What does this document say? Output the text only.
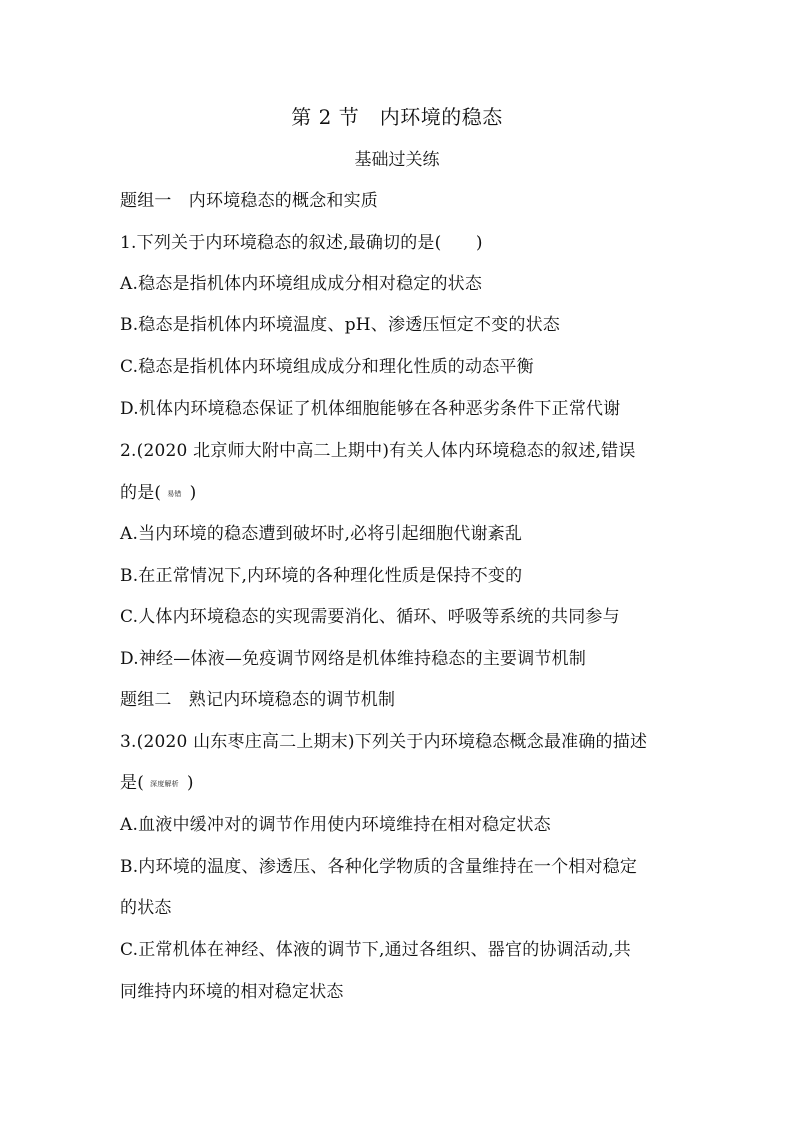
第 2 节　内环境的稳态
基础过关练
题组一　内环境稳态的概念和实质
1.下列关于内环境稳态的叙述,最确切的是(　　)
A.稳态是指机体内环境组成成分相对稳定的状态
B.稳态是指机体内环境温度、pH、渗透压恒定不变的状态
C.稳态是指机体内环境组成成分和理化性质的动态平衡
D.机体内环境稳态保证了机体细胞能够在各种恶劣条件下正常代谢
2.(2020 北京师大附中高二上期中)有关人体内环境稳态的叙述,错误
的是( 易错 )
A.当内环境的稳态遭到破坏时,必将引起细胞代谢紊乱
B.在正常情况下,内环境的各种理化性质是保持不变的
C.人体内环境稳态的实现需要消化、循环、呼吸等系统的共同参与
D.神经—体液—免疫调节网络是机体维持稳态的主要调节机制
题组二　熟记内环境稳态的调节机制
3.(2020 山东枣庄高二上期末)下列关于内环境稳态概念最准确的描述
是( 深度解析 )
A.血液中缓冲对的调节作用使内环境维持在相对稳定状态
B.内环境的温度、渗透压、各种化学物质的含量维持在一个相对稳定
的状态
C.正常机体在神经、体液的调节下,通过各组织、器官的协调活动,共
同维持内环境的相对稳定状态
